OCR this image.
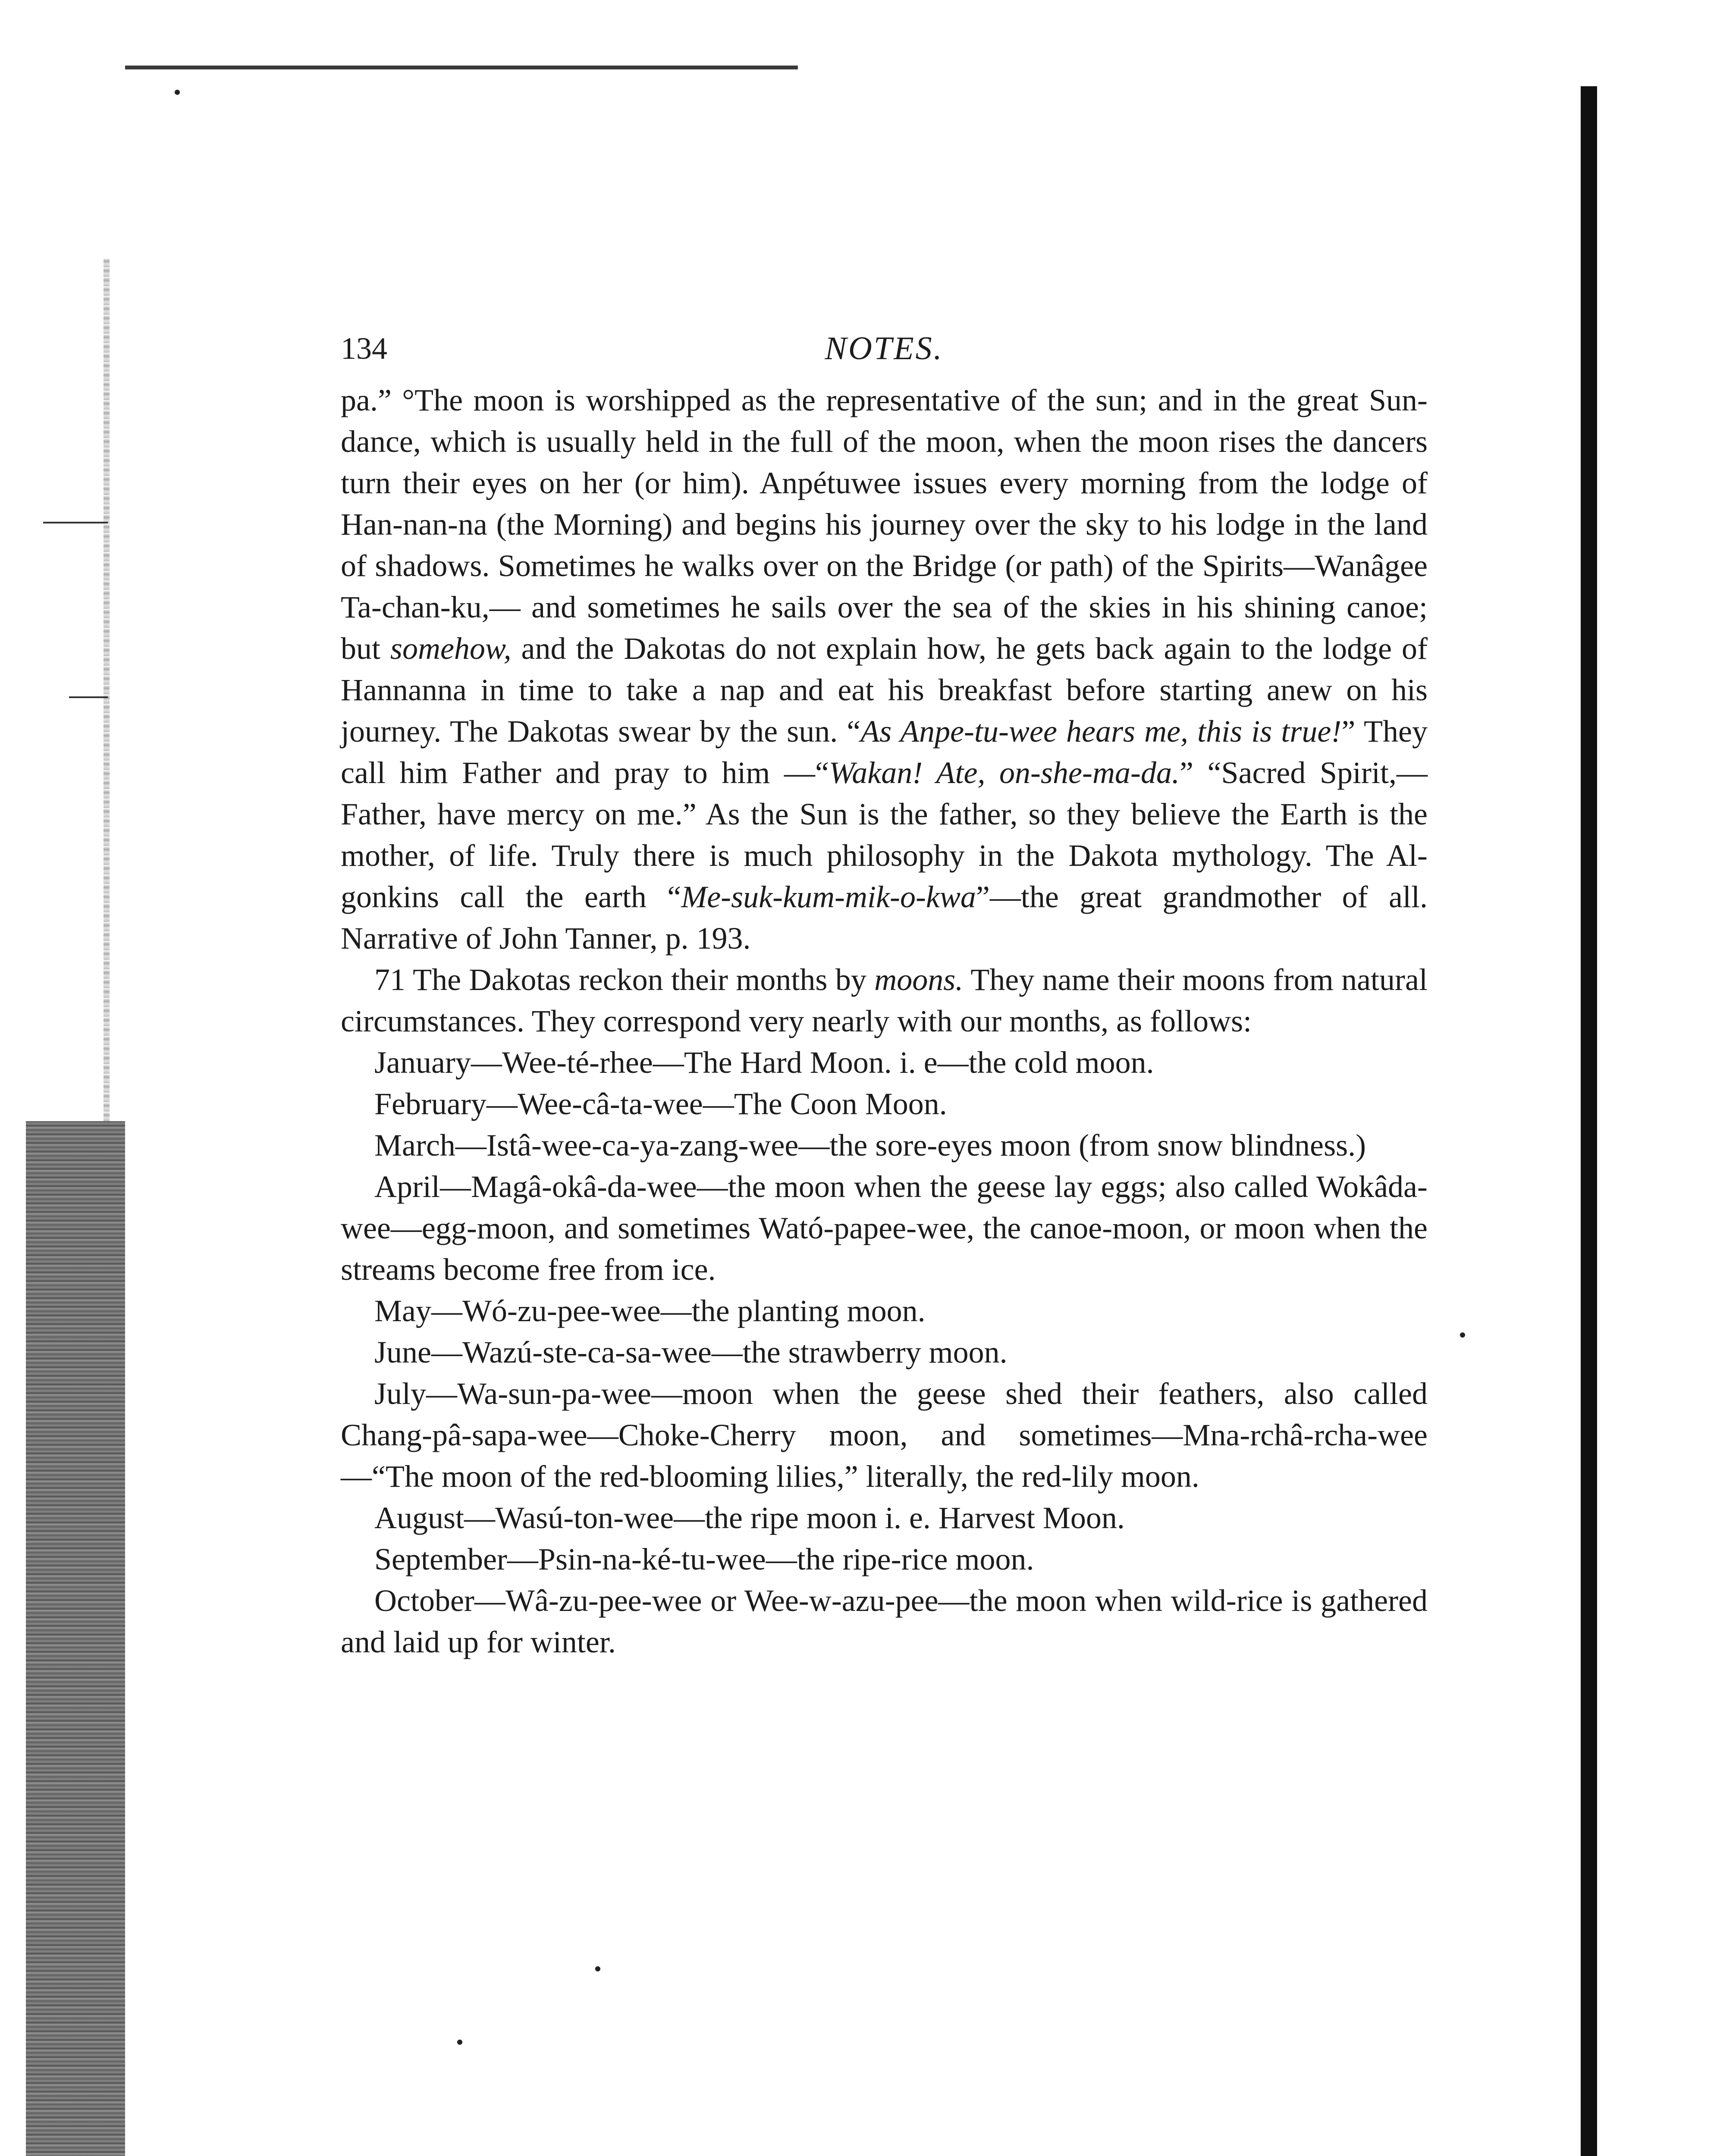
134	NOTES.

pa.” °The moon is worshipped as the representative of the sun; and in the great Sun-dance, which is usually held in the full of the moon, when the moon rises the dancers turn their eyes on her (or him). Anpétuwee issues every morning from the lodge of Han-nan-na (the Morning) and begins his journey over the sky to his lodge in the land of shadows. Sometimes he walks over on the Bridge (or path) of the Spirits—Wanâgee Ta-chan-ku,— and sometimes he sails over the sea of the skies in his shining canoe; but somehow, and the Dakotas do not explain how, he gets back again to the lodge of Hannanna in time to take a nap and eat his breakfast before starting anew on his journey. The Dakotas swear by the sun. “As Anpe-tu-wee hears me, this is true!” They call him Father and pray to him —“Wakan! Ate, on-she-ma-da.” “Sacred Spirit,—Father, have mercy on me.” As the Sun is the father, so they believe the Earth is the mother, of life. Truly there is much philosophy in the Dakota mythology. The Al-gonkins call the earth “Me-suk-kum-mik-o-kwa”—the great grandmother of all. Narrative of John Tanner, p. 193.

71 The Dakotas reckon their months by moons. They name their moons from natural circumstances. They correspond very nearly with our months, as follows:

January—Wee-té-rhee—The Hard Moon. i. e—the cold moon.

February—Wee-câ-ta-wee—The Coon Moon.

March—Istâ-wee-ca-ya-zang-wee—the sore-eyes moon (from snow blindness.)

April—Magâ-okâ-da-wee—the moon when the geese lay eggs; also called Wokâda-wee—egg-moon, and sometimes Wató-papee-wee, the canoe-moon, or moon when the streams become free from ice.

May—Wó-zu-pee-wee—the planting moon.

June—Wazú-ste-ca-sa-wee—the strawberry moon.

July—Wa-sun-pa-wee—moon when the geese shed their feathers, also called Chang-pâ-sapa-wee—Choke-Cherry moon, and sometimes—Mna-rchâ-rcha-wee—“The moon of the red-blooming lilies,” literally, the red-lily moon.

August—Wasú-ton-wee—the ripe moon i. e. Harvest Moon.

September—Psin-na-ké-tu-wee—the ripe-rice moon.

October—Wâ-zu-pee-wee or Wee-w-azu-pee—the moon when wild-rice is gathered and laid up for winter.
